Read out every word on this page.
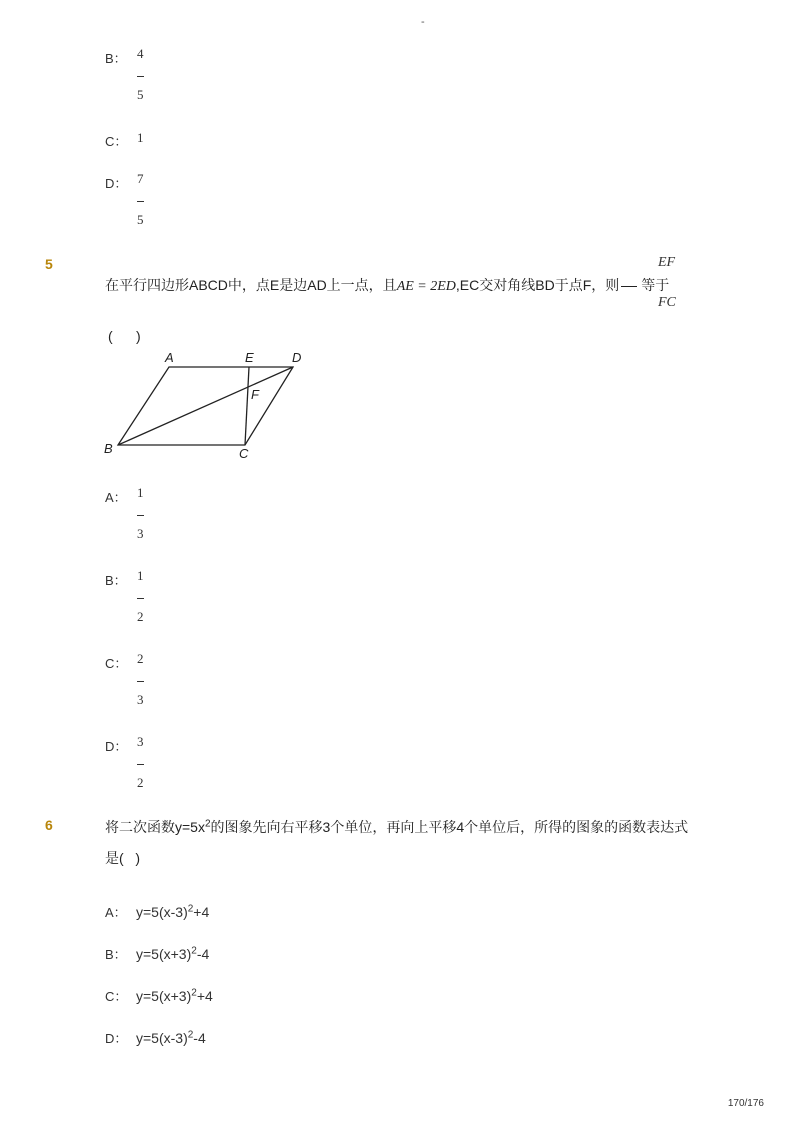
-
B： 4
5
C： 1
D： 7
5
5	EF
FC
在平行四边形ABCD中，点E是边AD上一点，且AE = 2ED,EC交对角线BD于点F，则 等于
(      )
A	E	D
F
B	C
A： 1
3
B： 1
2
C： 2
3
D： 3
2
6	将二次函数$y=5x^2$的图象先向右平移3个单位，再向上平移4个单位后，所得的图象的函数表达式
是(   )
A： $y=5(x-3)^2+4$
B： $y=5(x+3)^2-4$
C： $y=5(x+3)^2+4$
D： $y=5(x-3)^2-4$
170/176
